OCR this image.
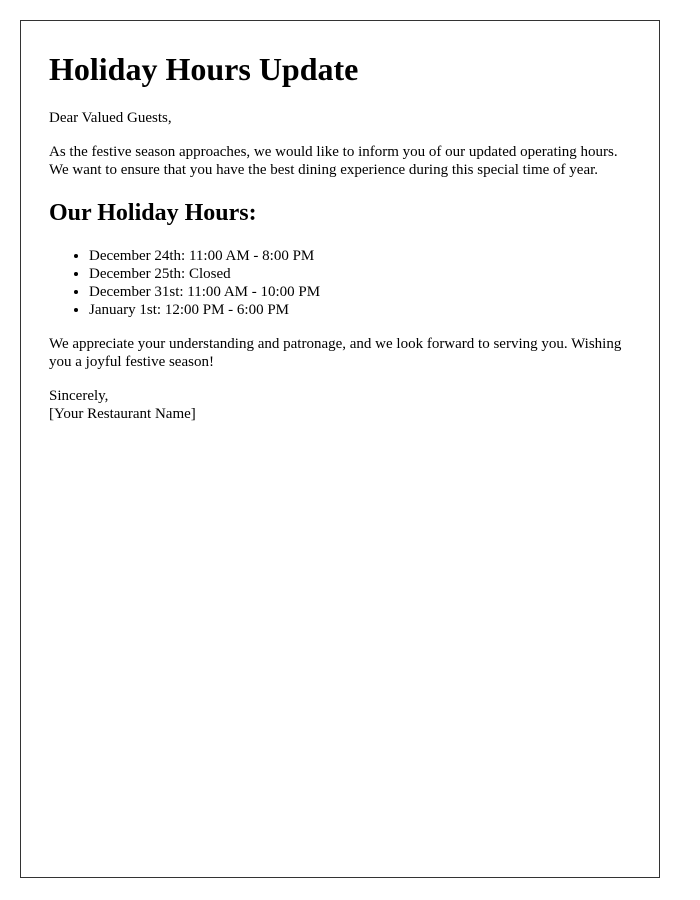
Holiday Hours Update

Dear Valued Guests,

As the festive season approaches, we would like to inform you of our updated operating hours. We want to ensure that you have the best dining experience during this special time of year.

Our Holiday Hours:
• December 24th: 11:00 AM - 8:00 PM
• December 25th: Closed
• December 31st: 11:00 AM - 10:00 PM
• January 1st: 12:00 PM - 6:00 PM

We appreciate your understanding and patronage, and we look forward to serving you. Wishing you a joyful festive season!

Sincerely,

[Your Restaurant Name]
